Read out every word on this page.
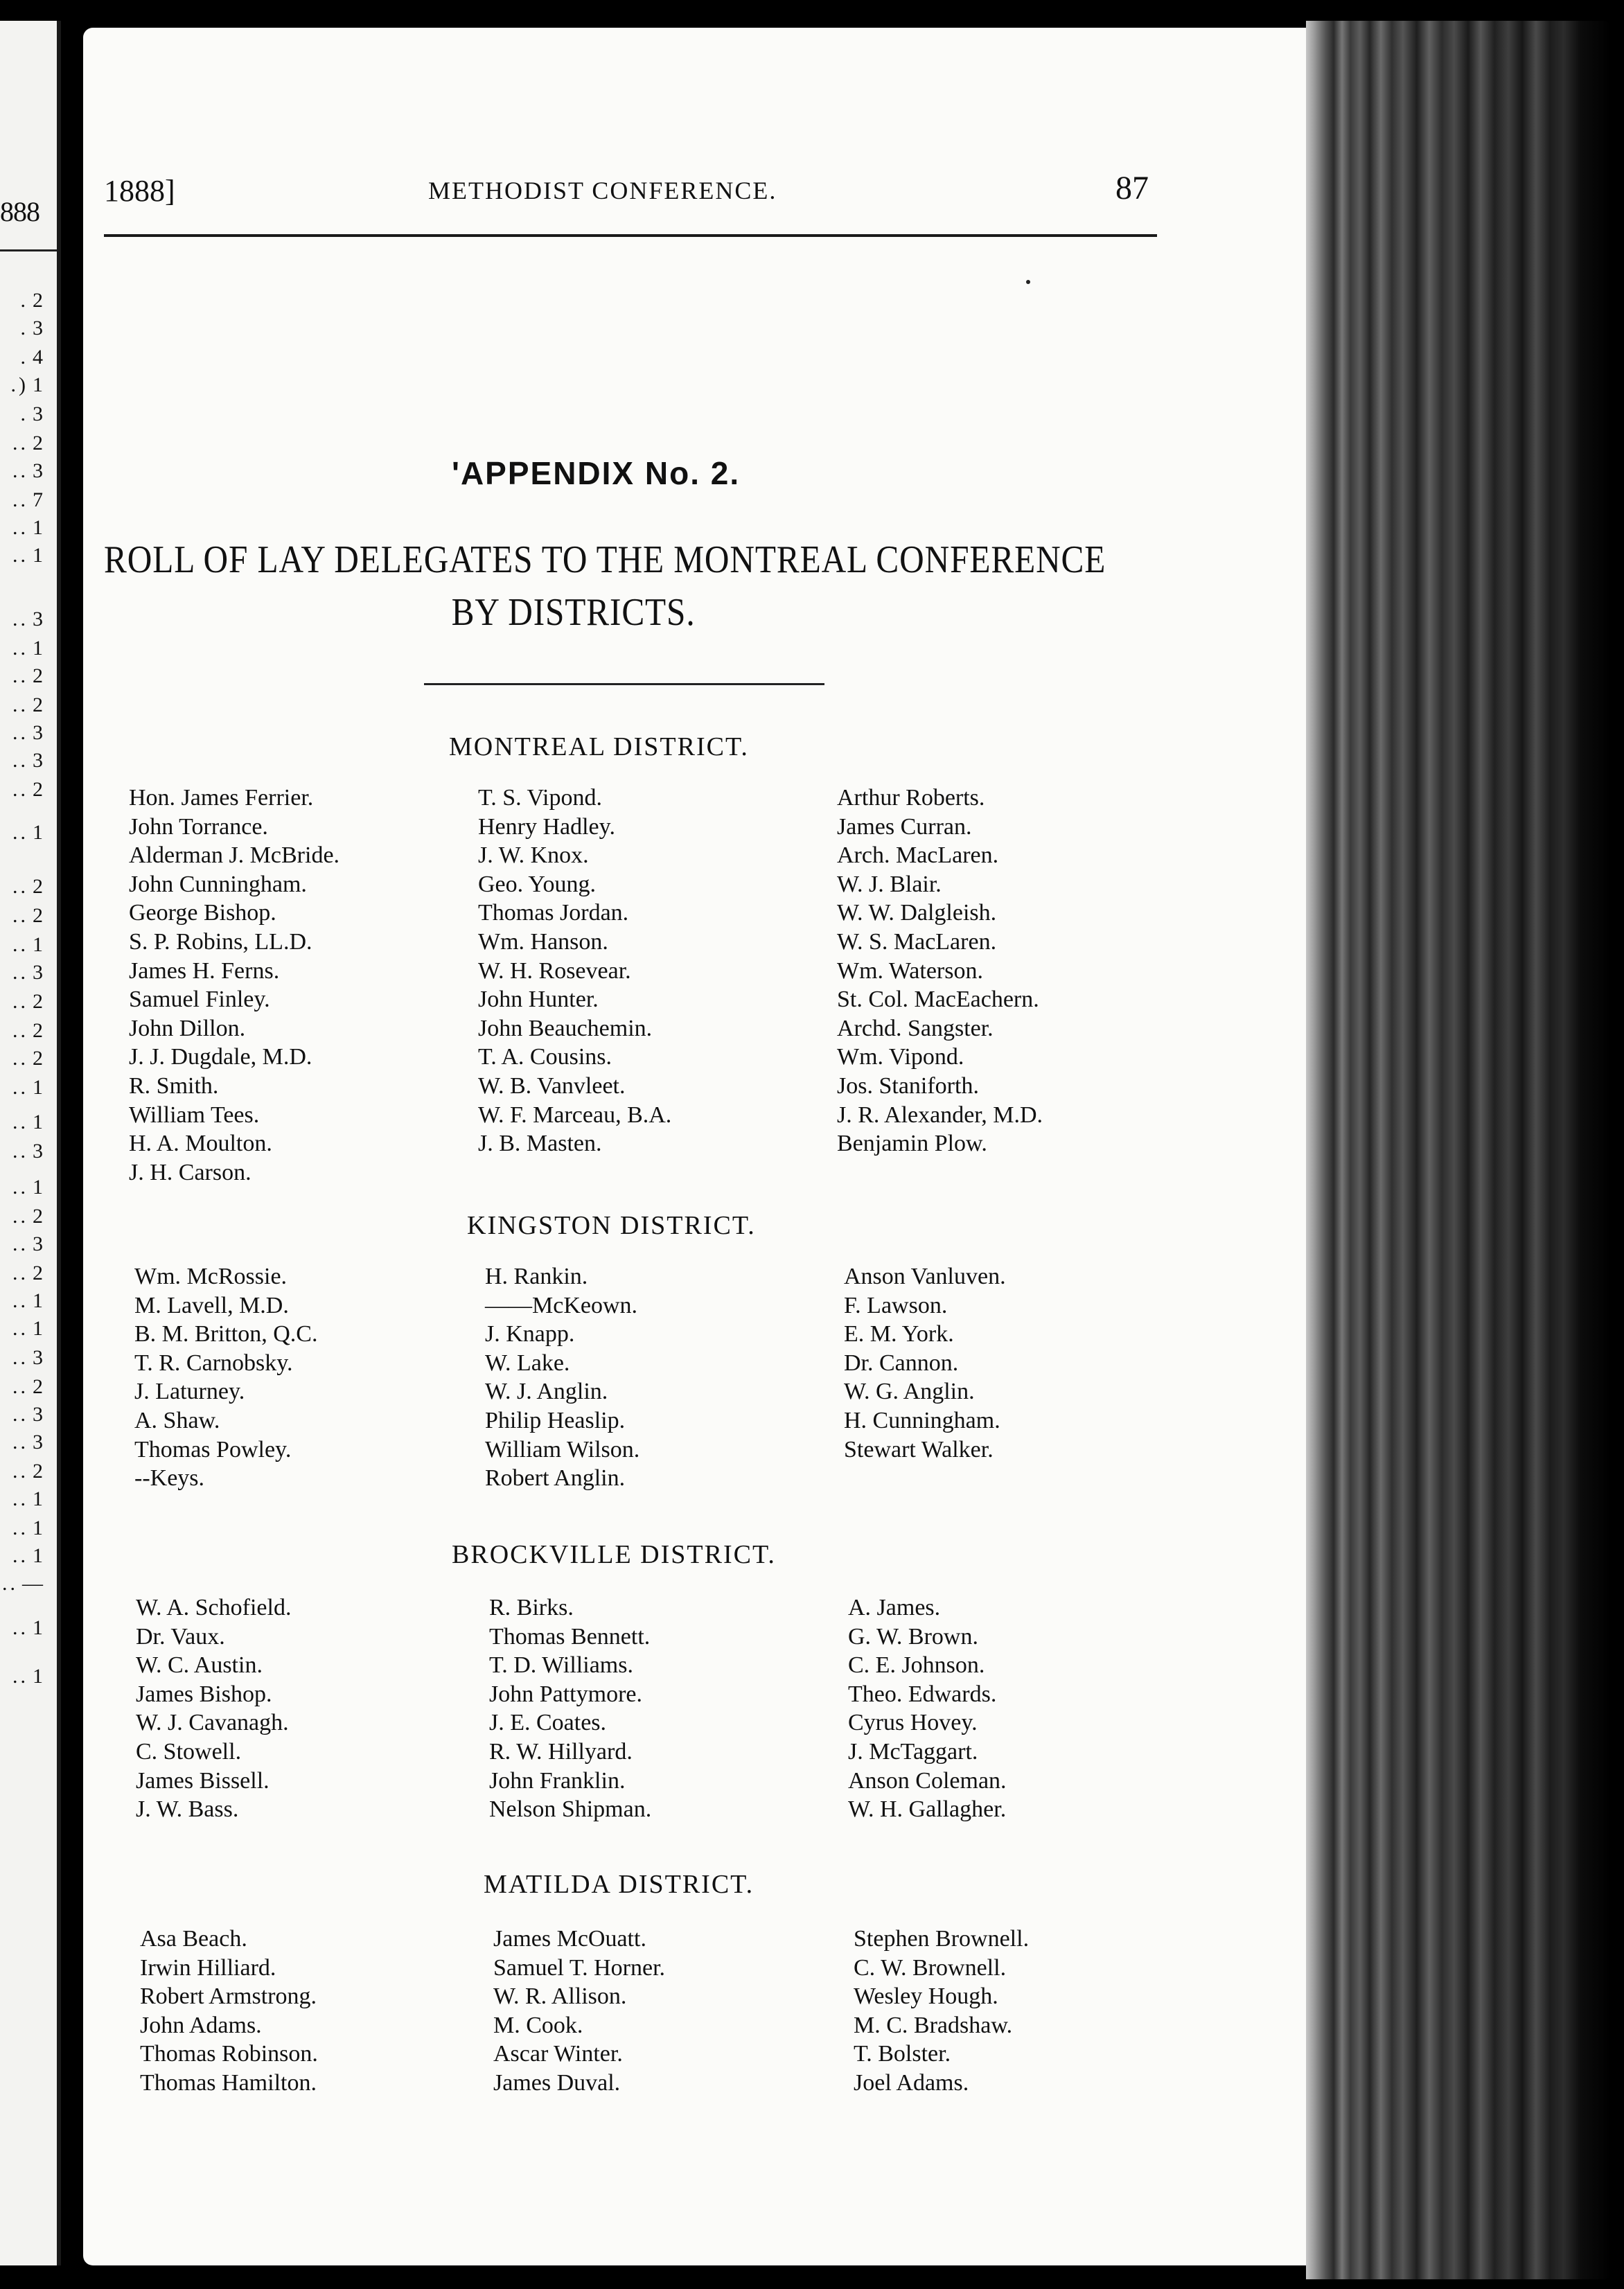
888
. 2
. 3
. 4
.) 1
. 3
.. 2
.. 3
.. 7
.. 1
.. 1
.. 3
.. 1
.. 2
.. 2
.. 3
.. 3
.. 2
.. 1
.. 2
.. 2
.. 1
.. 3
.. 2
.. 2
.. 2
.. 1
.. 1
.. 3
.. 1
.. 2
.. 3
.. 2
.. 1
.. 1
.. 3
.. 2
.. 3
.. 3
.. 2
.. 1
.. 1
.. 1
.. —
.. 1
.. 1
1888]	METHODIST CONFERENCE.	87
'APPENDIX No. 2.
ROLL OF LAY DELEGATES TO THE MONTREAL CONFERENCE
BY DISTRICTS.
MONTREAL DISTRICT.
Hon. James Ferrier.
John Torrance.
Alderman J. McBride.
John Cunningham.
George Bishop.
S. P. Robins, LL.D.
James H. Ferns.
Samuel Finley.
John Dillon.
J. J. Dugdale, M.D.
R. Smith.
William Tees.
H. A. Moulton.
J. H. Carson.
T. S. Vipond.
Henry Hadley.
J. W. Knox.
Geo. Young.
Thomas Jordan.
Wm. Hanson.
W. H. Rosevear.
John Hunter.
John Beauchemin.
T. A. Cousins.
W. B. Vanvleet.
W. F. Marceau, B.A.
J. B. Masten.
Arthur Roberts.
James Curran.
Arch. MacLaren.
W. J. Blair.
W. W. Dalgleish.
W. S. MacLaren.
Wm. Waterson.
St. Col. MacEachern.
Archd. Sangster.
Wm. Vipond.
Jos. Staniforth.
J. R. Alexander, M.D.
Benjamin Plow.
KINGSTON DISTRICT.
Wm. McRossie.
M. Lavell, M.D.
B. M. Britton, Q.C.
T. R. Carnobsky.
J. Laturney.
A. Shaw.
Thomas Powley.
--Keys.
H. Rankin.
——McKeown.
J. Knapp.
W. Lake.
W. J. Anglin.
Philip Heaslip.
William Wilson.
Robert Anglin.
Anson Vanluven.
F. Lawson.
E. M. York.
Dr. Cannon.
W. G. Anglin.
H. Cunningham.
Stewart Walker.
BROCKVILLE DISTRICT.
W. A. Schofield.
Dr. Vaux.
W. C. Austin.
James Bishop.
W. J. Cavanagh.
C. Stowell.
James Bissell.
J. W. Bass.
R. Birks.
Thomas Bennett.
T. D. Williams.
John Pattymore.
J. E. Coates.
R. W. Hillyard.
John Franklin.
Nelson Shipman.
A. James.
G. W. Brown.
C. E. Johnson.
Theo. Edwards.
Cyrus Hovey.
J. McTaggart.
Anson Coleman.
W. H. Gallagher.
MATILDA DISTRICT.
Asa Beach.
Irwin Hilliard.
Robert Armstrong.
John Adams.
Thomas Robinson.
Thomas Hamilton.
James McOuatt.
Samuel T. Horner.
W. R. Allison.
M. Cook.
Ascar Winter.
James Duval.
Stephen Brownell.
C. W. Brownell.
Wesley Hough.
M. C. Bradshaw.
T. Bolster.
Joel Adams.
